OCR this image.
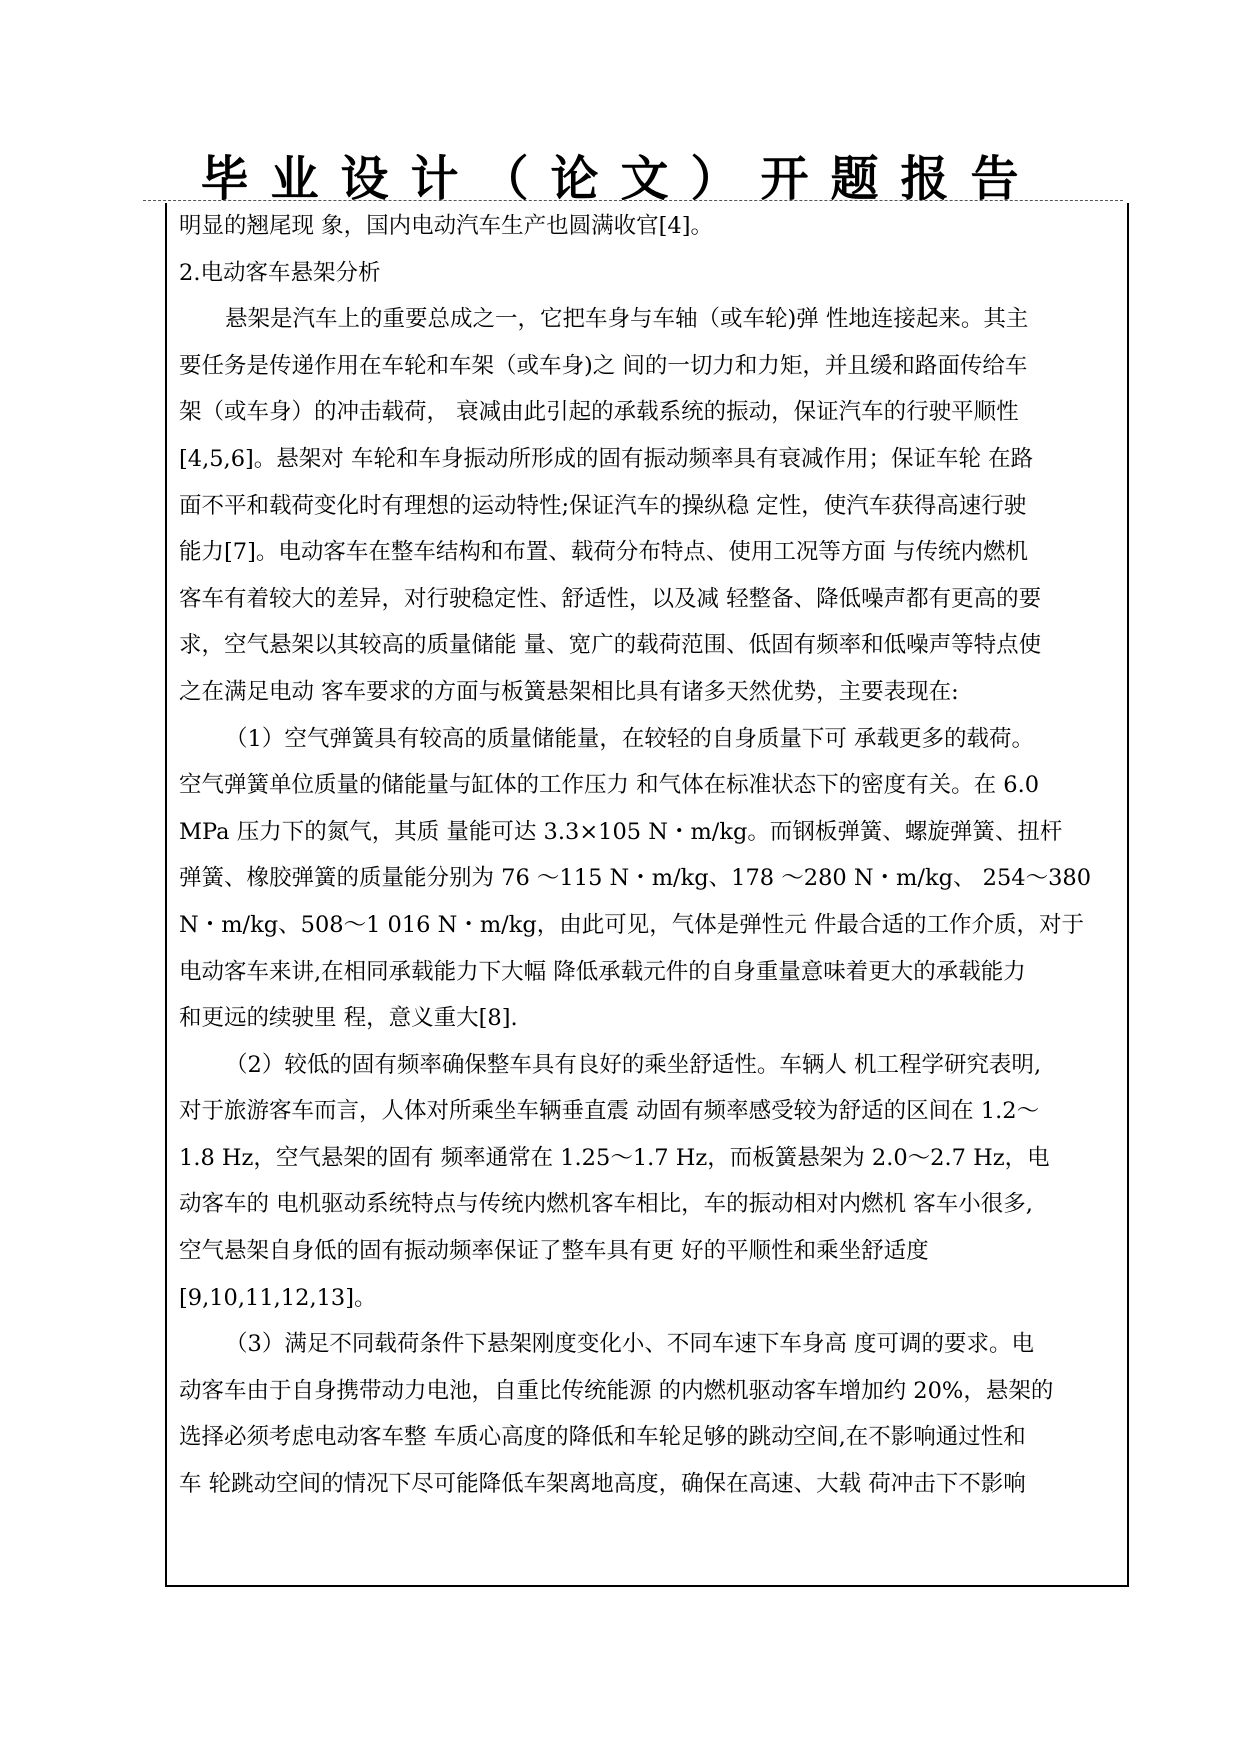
毕业设计（论文）开题报告
明显的翘尾现 象，国内电动汽车生产也圆满收官[4]。
2.电动客车悬架分析
悬架是汽车上的重要总成之一，它把车身与车轴（或车轮)弹 性地连接起来。其主
要任务是传递作用在车轮和车架（或车身)之 间的一切力和力矩，并且缓和路面传给车
架（或车身）的冲击载荷， 衰减由此引起的承载系统的振动，保证汽车的行驶平顺性
[4,5,6]。悬架对 车轮和车身振动所形成的固有振动频率具有衰减作用；保证车轮 在路
面不平和载荷变化时有理想的运动特性;保证汽车的操纵稳 定性，使汽车获得高速行驶
能力[7]。电动客车在整车结构和布置、载荷分布特点、使用工况等方面 与传统内燃机
客车有着较大的差异，对行驶稳定性、舒适性，以及减 轻整备、降低噪声都有更高的要
求，空气悬架以其较高的质量储能 量、宽广的载荷范围、低固有频率和低噪声等特点使
之在满足电动 客车要求的方面与板簧悬架相比具有诸多天然优势，主要表现在:
（1）空气弹簧具有较高的质量储能量，在较轻的自身质量下可 承载更多的载荷。
空气弹簧单位质量的储能量与缸体的工作压力 和气体在标准状态下的密度有关。在 6.0
MPa 压力下的氮气，其质 量能可达 3.3×105 N・m/kg。而钢板弹簧、螺旋弹簧、扭杆
弹簧、橡胶弹簧的质量能分别为 76 ～115 N・m/kg、178 ～280 N・m/kg、 254～380
N・m/kg、508～1 016 N・m/kg，由此可见，气体是弹性元 件最合适的工作介质，对于
电动客车来讲,在相同承载能力下大幅 降低承载元件的自身重量意味着更大的承载能力
和更远的续驶里 程，意义重大[8].
（2）较低的固有频率确保整车具有良好的乘坐舒适性。车辆人 机工程学研究表明,
对于旅游客车而言，人体对所乘坐车辆垂直震 动固有频率感受较为舒适的区间在 1.2～
1.8 Hz，空气悬架的固有 频率通常在 1.25～1.7 Hz，而板簧悬架为 2.0～2.7 Hz，电
动客车的 电机驱动系统特点与传统内燃机客车相比，车的振动相对内燃机 客车小很多,
空气悬架自身低的固有振动频率保证了整车具有更 好的平顺性和乘坐舒适度
[9,10,11,12,13]。
（3）满足不同载荷条件下悬架刚度变化小、不同车速下车身高 度可调的要求。电
动客车由于自身携带动力电池，自重比传统能源 的内燃机驱动客车增加约 20%，悬架的
选择必须考虑电动客车整 车质心高度的降低和车轮足够的跳动空间,在不影响通过性和
车 轮跳动空间的情况下尽可能降低车架离地高度，确保在高速、大载 荷冲击下不影响
